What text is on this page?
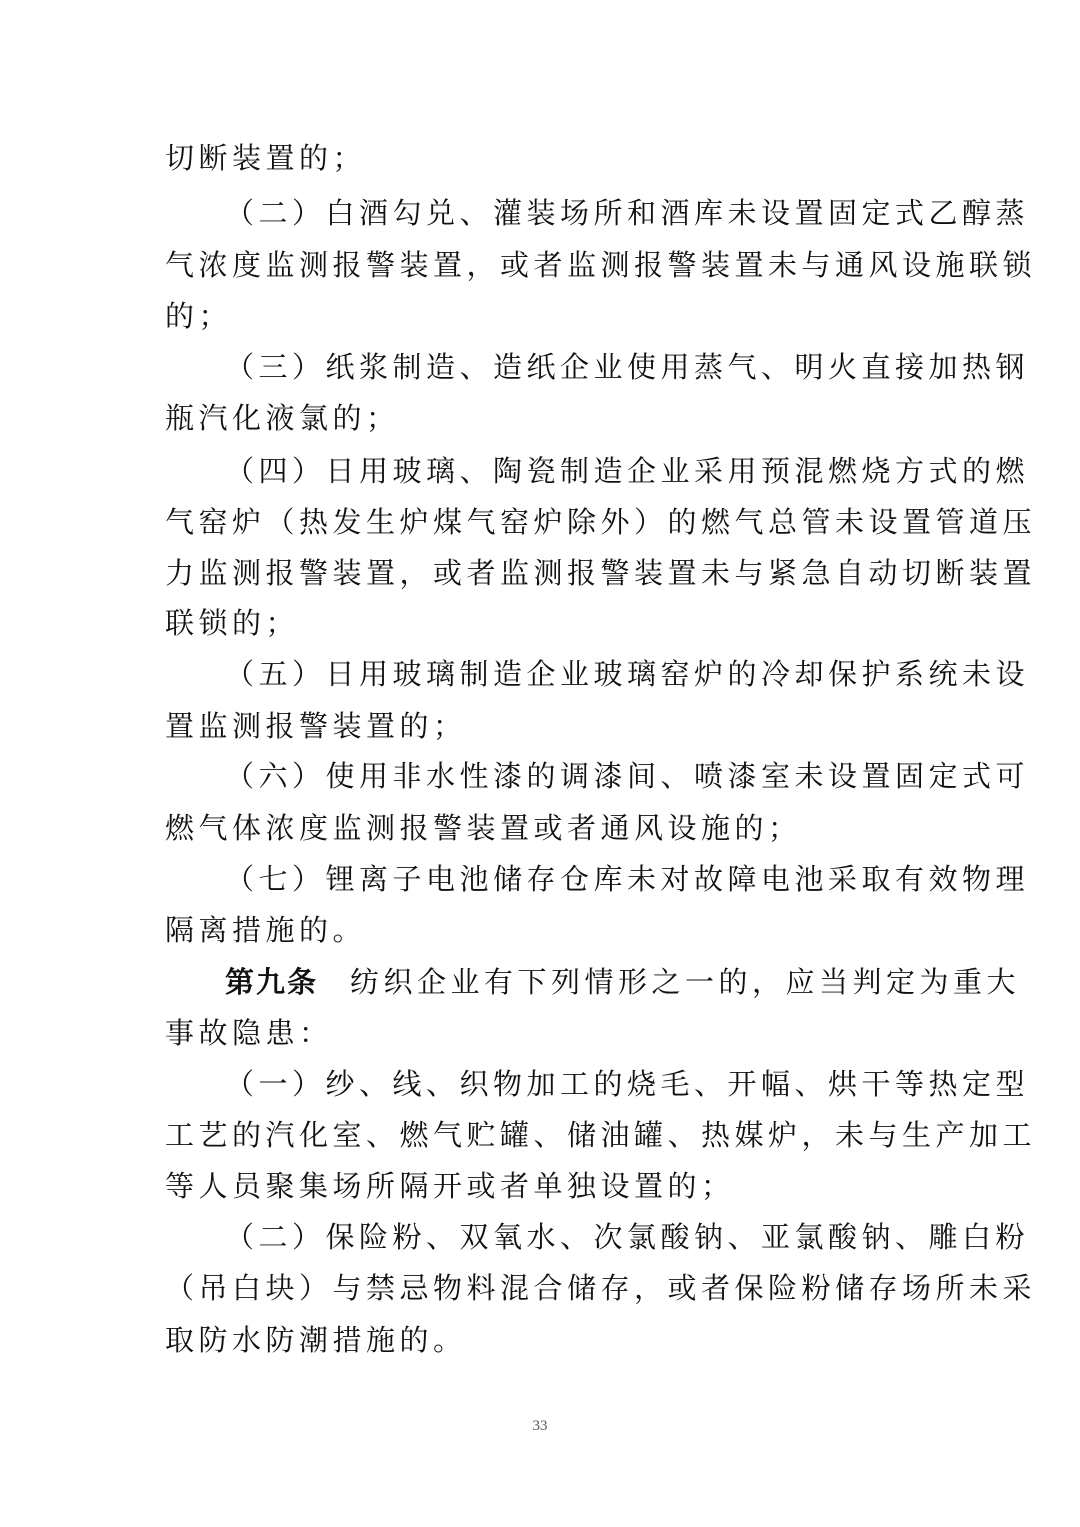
切断装置的；
（二）白酒勾兑、灌装场所和酒库未设置固定式乙醇蒸
气浓度监测报警装置，或者监测报警装置未与通风设施联锁
的；
（三）纸浆制造、造纸企业使用蒸气、明火直接加热钢
瓶汽化液氯的；
（四）日用玻璃、陶瓷制造企业采用预混燃烧方式的燃
气窑炉（热发生炉煤气窑炉除外）的燃气总管未设置管道压
力监测报警装置，或者监测报警装置未与紧急自动切断装置
联锁的；
（五）日用玻璃制造企业玻璃窑炉的冷却保护系统未设
置监测报警装置的；
（六）使用非水性漆的调漆间、喷漆室未设置固定式可
燃气体浓度监测报警装置或者通风设施的；
（七）锂离子电池储存仓库未对故障电池采取有效物理
隔离措施的。
第九条 纺织企业有下列情形之一的，应当判定为重大
事故隐患：
（一）纱、线、织物加工的烧毛、开幅、烘干等热定型
工艺的汽化室、燃气贮罐、储油罐、热媒炉，未与生产加工
等人员聚集场所隔开或者单独设置的；
（二）保险粉、双氧水、次氯酸钠、亚氯酸钠、雕白粉
（吊白块）与禁忌物料混合储存，或者保险粉储存场所未采
取防水防潮措施的。
33
